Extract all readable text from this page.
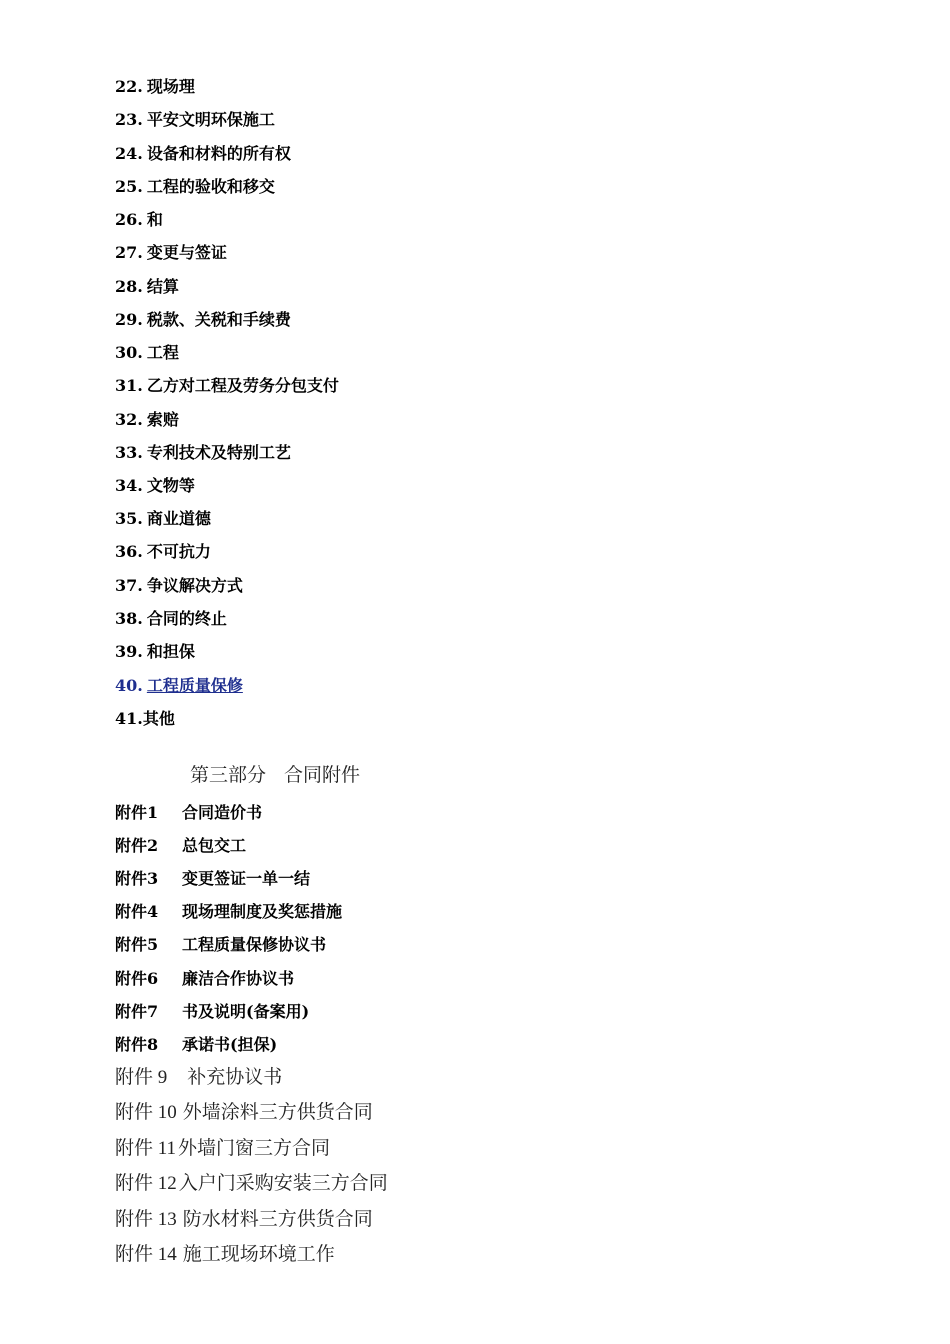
22. 现场理
23. 平安文明环保施工
24. 设备和材料的所有权
25. 工程的验收和移交
26. 和
27. 变更与签证
28. 结算
29. 税款、关税和手续费
30. 工程
31. 乙方对工程及劳务分包支付
32. 索赔
33. 专利技术及特别工艺
34. 文物等
35. 商业道德
36. 不可抗力
37. 争议解决方式
38. 合同的终止
39. 和担保
40. 工程质量保修
41.其他
第三部分 合同附件
附件1 合同造价书
附件2 总包交工
附件3 变更签证一单一结
附件4 现场理制度及奖惩措施
附件5 工程质量保修协议书
附件6 廉洁合作协议书
附件7 书及说明(备案用)
附件8 承诺书(担保)
附件 9 补充协议书
附件 10 外墙涂料三方供货合同
附件 11 外墙门窗三方合同
附件 12 入户门采购安装三方合同
附件 13 防水材料三方供货合同
附件 14 施工现场环境工作
